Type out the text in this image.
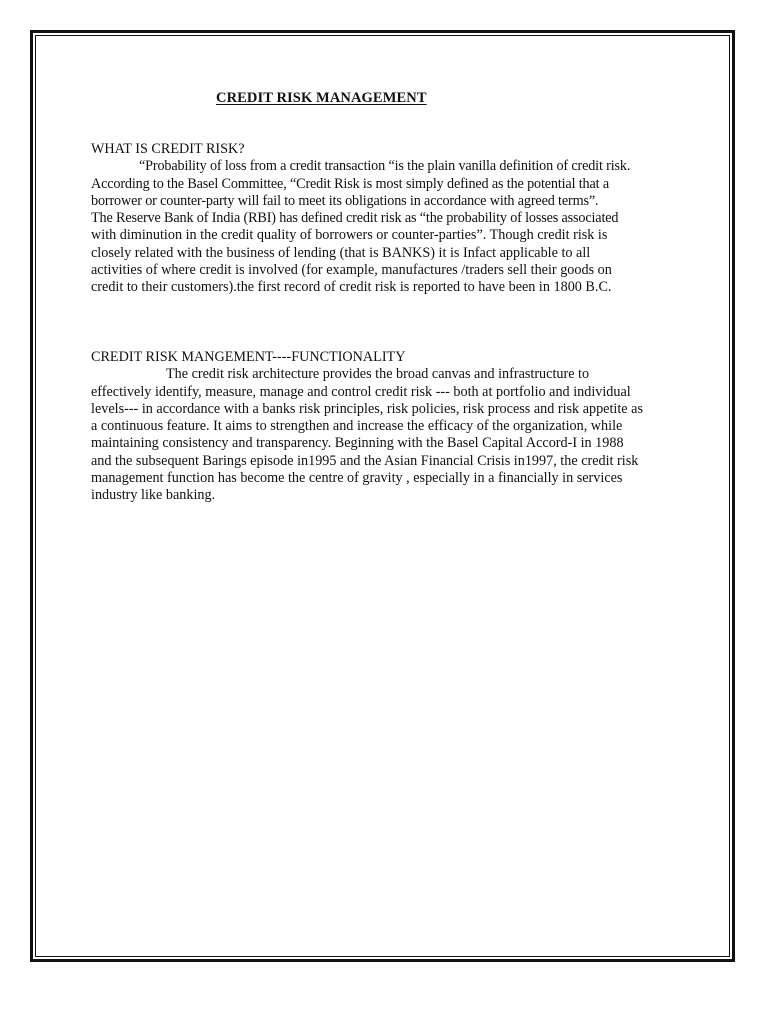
CREDIT RISK MANAGEMENT
WHAT IS CREDIT RISK?
“Probability of loss from a credit transaction “is the plain vanilla definition of credit risk.
According to the Basel Committee, “Credit Risk is most simply defined as the potential that a
borrower or counter-party will fail to meet its obligations in accordance with agreed terms”.
The Reserve Bank of India (RBI) has defined credit risk as “the probability of losses associated
with diminution in the credit quality of borrowers or counter-parties”. Though credit risk is
closely related with the business of lending (that is BANKS) it is Infact applicable to all
activities of where credit is involved (for example, manufactures /traders sell their goods on
credit to their customers).the first record of credit risk is reported to have been in 1800 B.C.
CREDIT RISK MANGEMENT----FUNCTIONALITY
The credit risk architecture provides the broad canvas and infrastructure to
effectively identify, measure, manage and control credit risk --- both at portfolio and individual
levels--- in accordance with a banks risk principles, risk policies, risk process and risk appetite as
a continuous feature. It aims to strengthen and increase the efficacy of the organization, while
maintaining consistency and transparency. Beginning with the Basel Capital Accord-I in 1988
and the subsequent Barings episode in1995 and the Asian Financial Crisis in1997, the credit risk
management function has become the centre of gravity , especially in a financially in services
industry like banking.
